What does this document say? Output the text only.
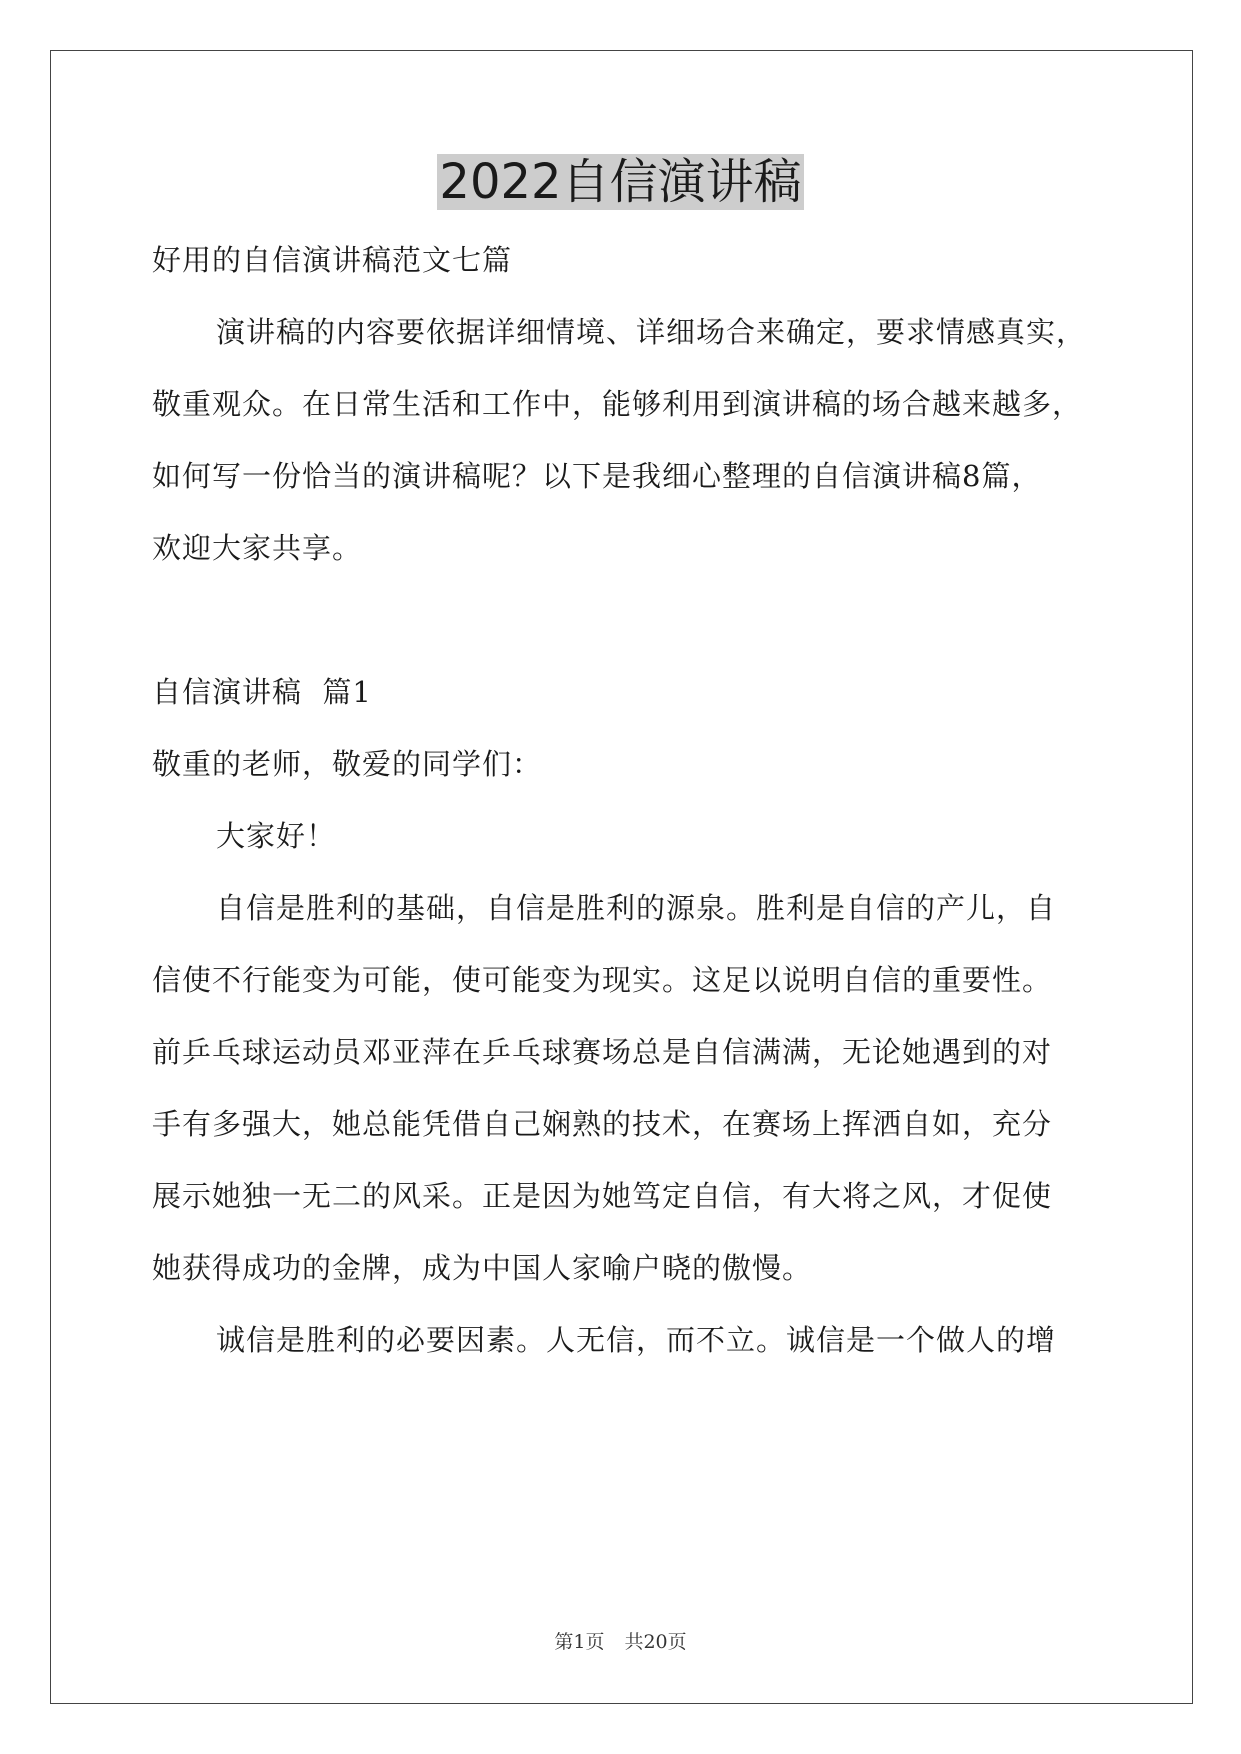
2022自信演讲稿
好用的自信演讲稿范文七篇
演讲稿的内容要依据详细情境、详细场合来确定，要求情感真实，
敬重观众。在日常生活和工作中，能够利用到演讲稿的场合越来越多，
如何写一份恰当的演讲稿呢？以下是我细心整理的自信演讲稿8篇，
欢迎大家共享。
自信演讲稿  篇1
敬重的老师，敬爱的同学们：
大家好！
自信是胜利的基础，自信是胜利的源泉。胜利是自信的产儿，自
信使不行能变为可能，使可能变为现实。这足以说明自信的重要性。
前乒乓球运动员邓亚萍在乒乓球赛场总是自信满满，无论她遇到的对
手有多强大，她总能凭借自己娴熟的技术，在赛场上挥洒自如，充分
展示她独一无二的风采。正是因为她笃定自信，有大将之风，才促使
她获得成功的金牌，成为中国人家喻户晓的傲慢。
诚信是胜利的必要因素。人无信，而不立。诚信是一个做人的增
第1页 共20页
